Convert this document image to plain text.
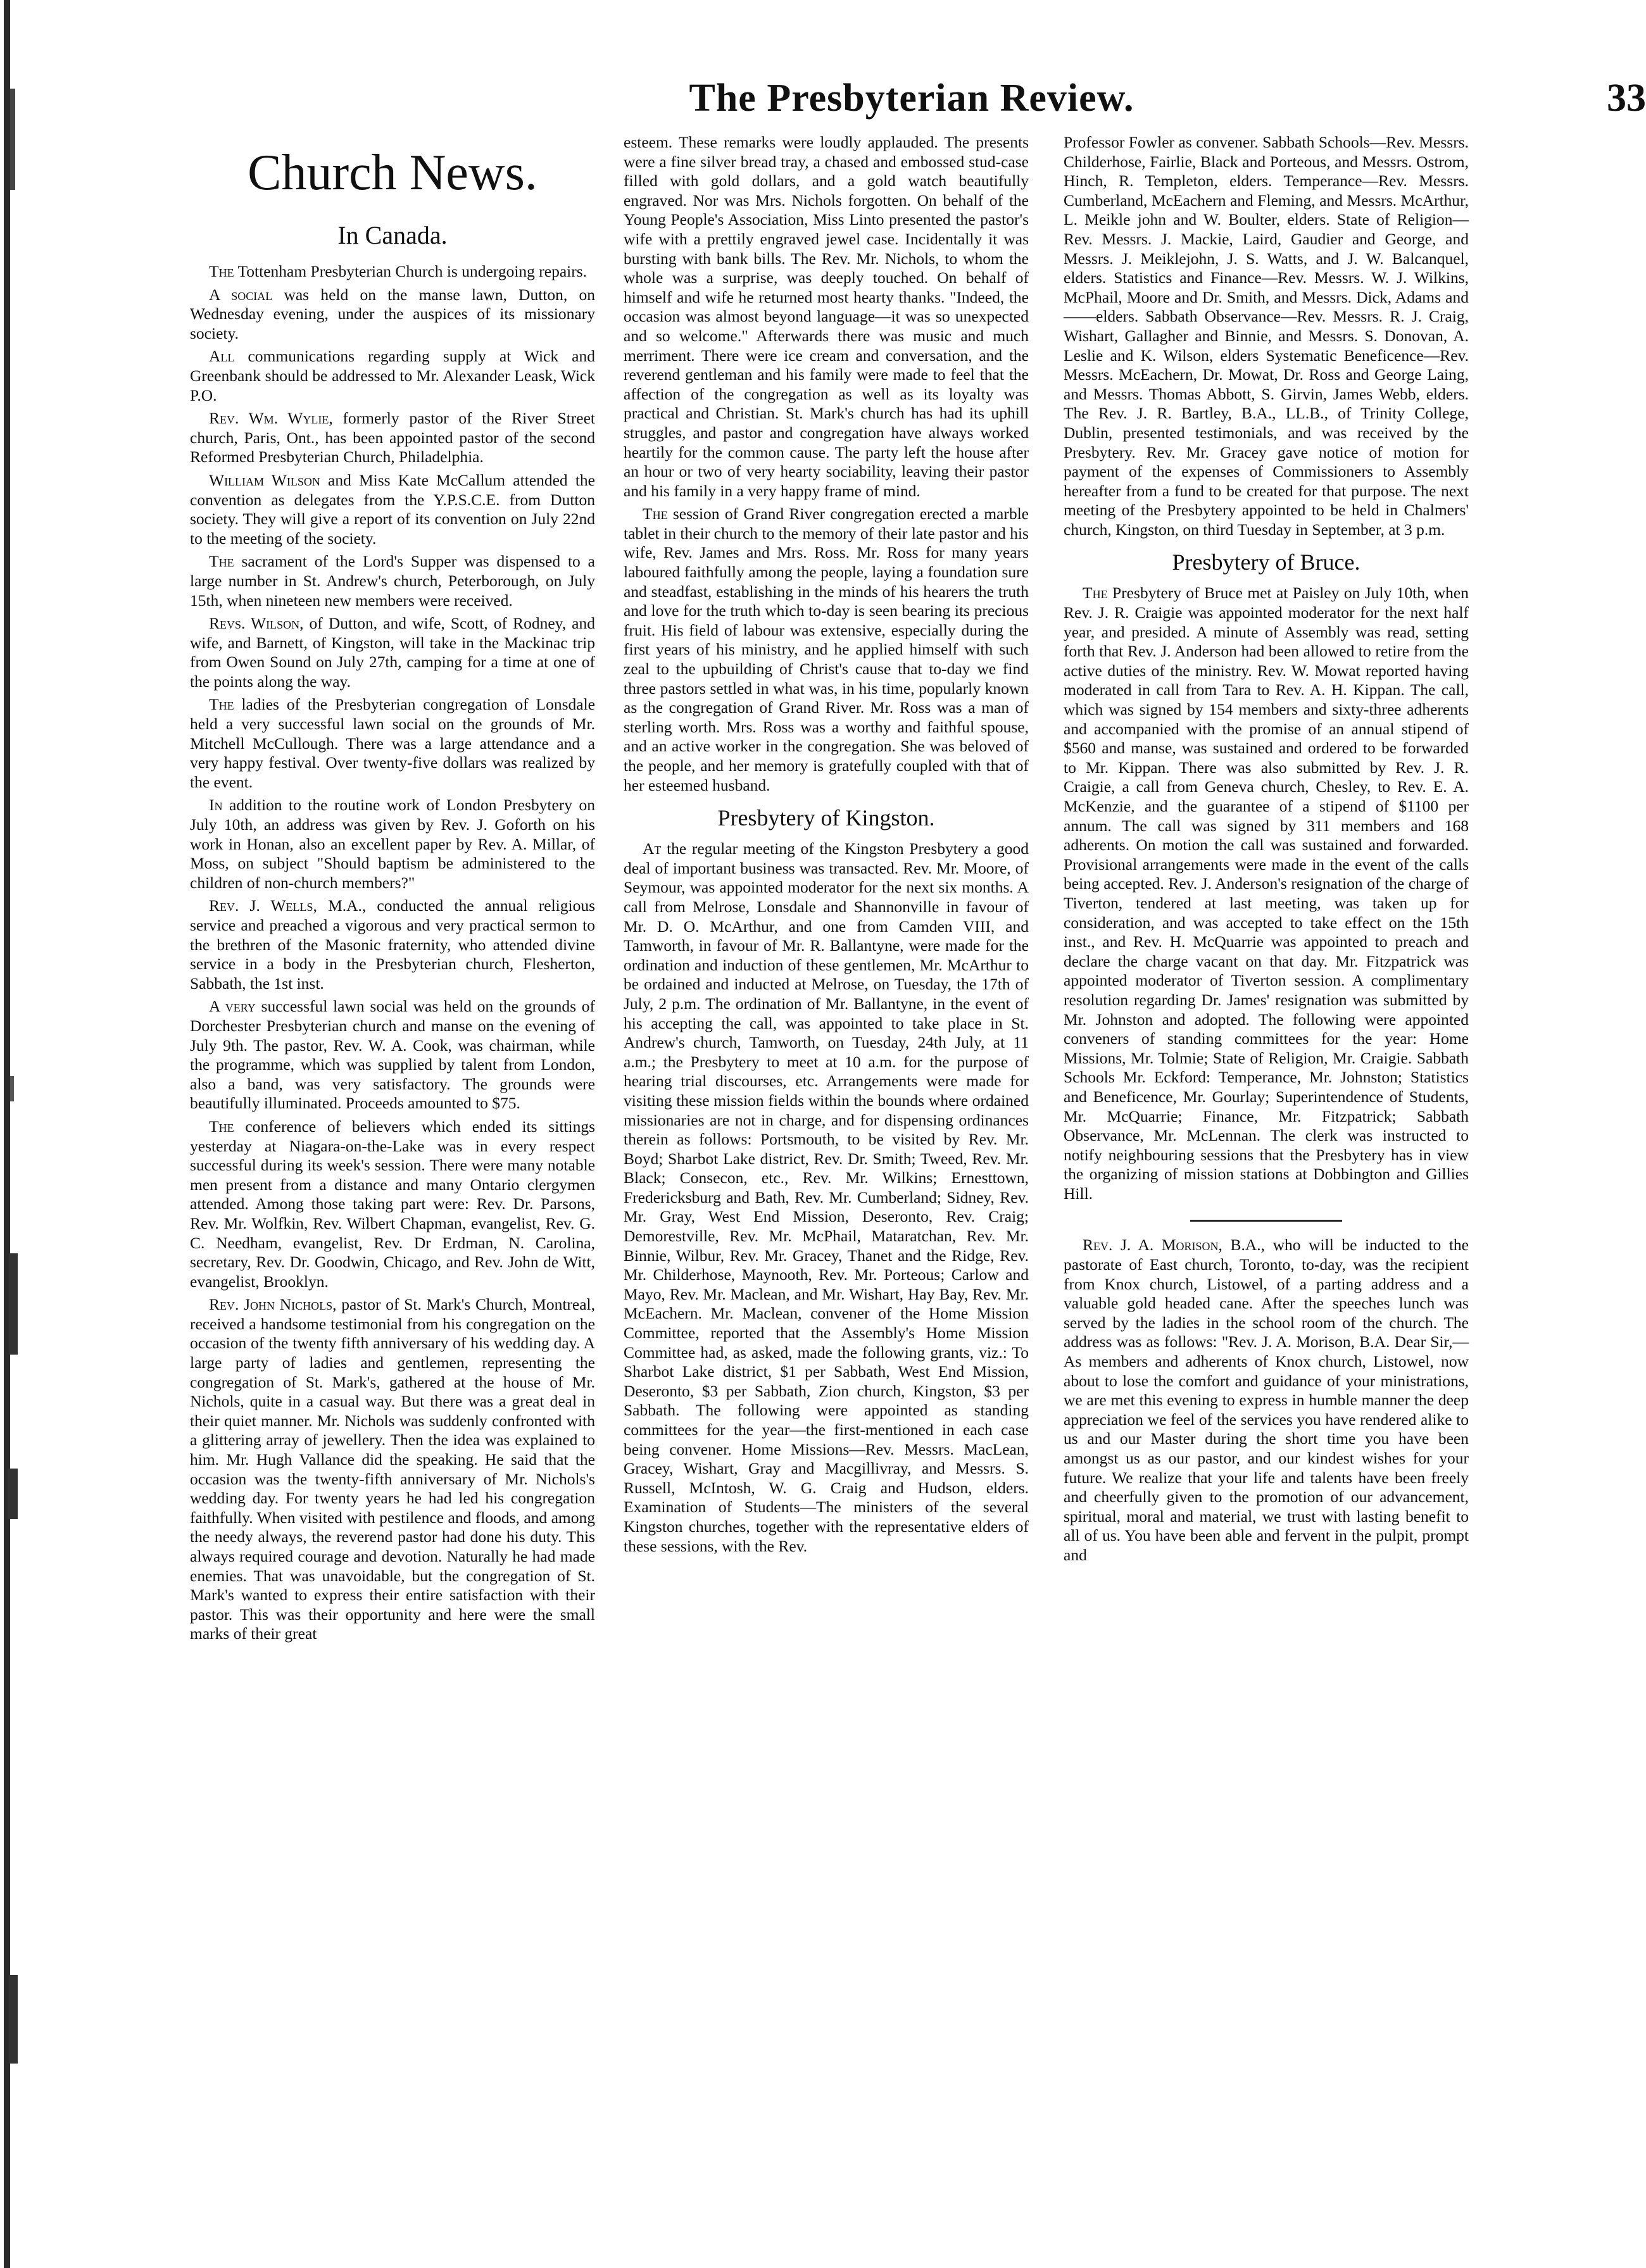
The Presbyterian Review.	33
Church News.
In Canada.

The Tottenham Presbyterian Church is undergoing repairs.

A social was held on the manse lawn, Dutton, on Wednesday evening, under the auspices of its missionary society.

All communications regarding supply at Wick and Greenbank should be addressed to Mr. Alexander Leask, Wick P.O.

Rev. Wm. Wylie, formerly pastor of the River Street church, Paris, Ont., has been appointed pastor of the second Reformed Presbyterian Church, Philadelphia.

William Wilson and Miss Kate McCallum attended the convention as delegates from the Y.P.S.C.E. from Dutton society. They will give a report of its convention on July 22nd to the meeting of the society.

The sacrament of the Lord's Supper was dispensed to a large number in St. Andrew's church, Peterborough, on July 15th, when nineteen new members were received.

Revs. Wilson, of Dutton, and wife, Scott, of Rodney, and wife, and Barnett, of Kingston, will take in the Mackinac trip from Owen Sound on July 27th, camping for a time at one of the points along the way.

The ladies of the Presbyterian congregation of Lonsdale held a very successful lawn social on the grounds of Mr. Mitchell McCullough. There was a large attendance and a very happy festival. Over twenty-five dollars was realized by the event.

In addition to the routine work of London Presbytery on July 10th, an address was given by Rev. J. Goforth on his work in Honan, also an excellent paper by Rev. A. Millar, of Moss, on subject "Should baptism be administered to the children of non-church members?"

Rev. J. Wells, M.A., conducted the annual religious service and preached a vigorous and very practical sermon to the brethren of the Masonic fraternity, who attended divine service in a body in the Presbyterian church, Flesherton, Sabbath, the 1st inst.

A very successful lawn social was held on the grounds of Dorchester Presbyterian church and manse on the evening of July 9th. The pastor, Rev. W. A. Cook, was chairman, while the programme, which was supplied by talent from London, also a band, was very satisfactory. The grounds were beautifully illuminated. Proceeds amounted to $75.

The conference of believers which ended its sittings yesterday at Niagara-on-the-Lake was in every respect successful during its week's session. There were many notable men present from a distance and many Ontario clergymen attended. Among those taking part were: Rev. Dr. Parsons, Rev. Mr. Wolfkin, Rev. Wilbert Chapman, evangelist, Rev. G. C. Needham, evangelist, Rev. Dr Erdman, N. Carolina, secretary, Rev. Dr. Goodwin, Chicago, and Rev. John de Witt, evangelist, Brooklyn.

Rev. John Nichols, pastor of St. Mark's Church, Montreal, received a handsome testimonial from his congregation on the occasion of the twenty fifth anniversary of his wedding day. A large party of ladies and gentlemen, representing the congregation of St. Mark's, gathered at the house of Mr. Nichols, quite in a casual way. But there was a great deal in their quiet manner. Mr. Nichols was suddenly confronted with a glittering array of jewellery. Then the idea was explained to him. Mr. Hugh Vallance did the speaking. He said that the occasion was the twenty-fifth anniversary of Mr. Nichols's wedding day. For twenty years he had led his congregation faithfully. When visited with pestilence and floods, and among the needy always, the reverend pastor had done his duty. This always required courage and devotion. Naturally he had made enemies. That was unavoidable, but the congregation of St. Mark's wanted to express their entire satisfaction with their pastor. This was their opportunity and here were the small marks of their great

esteem. These remarks were loudly applauded. The presents were a fine silver bread tray, a chased and embossed stud-case filled with gold dollars, and a gold watch beautifully engraved. Nor was Mrs. Nichols forgotten. On behalf of the Young People's Association, Miss Linto presented the pastor's wife with a prettily engraved jewel case. Incidentally it was bursting with bank bills. The Rev. Mr. Nichols, to whom the whole was a surprise, was deeply touched. On behalf of himself and wife he returned most hearty thanks. "Indeed, the occasion was almost beyond language—it was so unexpected and so welcome." Afterwards there was music and much merriment. There were ice cream and conversation, and the reverend gentleman and his family were made to feel that the affection of the congregation as well as its loyalty was practical and Christian. St. Mark's church has had its uphill struggles, and pastor and congregation have always worked heartily for the common cause. The party left the house after an hour or two of very hearty sociability, leaving their pastor and his family in a very happy frame of mind.

The session of Grand River congregation erected a marble tablet in their church to the memory of their late pastor and his wife, Rev. James and Mrs. Ross. Mr. Ross for many years laboured faithfully among the people, laying a foundation sure and steadfast, establishing in the minds of his hearers the truth and love for the truth which to-day is seen bearing its precious fruit. His field of labour was extensive, especially during the first years of his ministry, and he applied himself with such zeal to the upbuilding of Christ's cause that to-day we find three pastors settled in what was, in his time, popularly known as the congregation of Grand River. Mr. Ross was a man of sterling worth. Mrs. Ross was a worthy and faithful spouse, and an active worker in the congregation. She was beloved of the people, and her memory is gratefully coupled with that of her esteemed husband.

Presbytery of Kingston.

At the regular meeting of the Kingston Presbytery a good deal of important business was transacted. Rev. Mr. Moore, of Seymour, was appointed moderator for the next six months. A call from Melrose, Lonsdale and Shannonville in favour of Mr. D. O. McArthur, and one from Camden VIII, and Tamworth, in favour of Mr. R. Ballantyne, were made for the ordination and induction of these gentlemen, Mr. McArthur to be ordained and inducted at Melrose, on Tuesday, the 17th of July, 2 p.m. The ordination of Mr. Ballantyne, in the event of his accepting the call, was appointed to take place in St. Andrew's church, Tamworth, on Tuesday, 24th July, at 11 a.m.; the Presbytery to meet at 10 a.m. for the purpose of hearing trial discourses, etc. Arrangements were made for visiting these mission fields within the bounds where ordained missionaries are not in charge, and for dispensing ordinances therein as follows: Portsmouth, to be visited by Rev. Mr. Boyd; Sharbot Lake district, Rev. Dr. Smith; Tweed, Rev. Mr. Black; Consecon, etc., Rev. Mr. Wilkins; Ernesttown, Fredericksburg and Bath, Rev. Mr. Cumberland; Sidney, Rev. Mr. Gray, West End Mission, Deseronto, Rev. Craig; Demorestville, Rev. Mr. McPhail, Mataratchan, Rev. Mr. Binnie, Wilbur, Rev. Mr. Gracey, Thanet and the Ridge, Rev. Mr. Childerhose, Maynooth, Rev. Mr. Porteous; Carlow and Mayo, Rev. Mr. Maclean, and Mr. Wishart, Hay Bay, Rev. Mr. McEachern. Mr. Maclean, convener of the Home Mission Committee, reported that the Assembly's Home Mission Committee had, as asked, made the following grants, viz.: To Sharbot Lake district, $1 per Sabbath, West End Mission, Deseronto, $3 per Sabbath, Zion church, Kingston, $3 per Sabbath. The following were appointed as standing committees for the year—the first-mentioned in each case being convener. Home Missions—Rev. Messrs. MacLean, Gracey, Wishart, Gray and Macgillivray, and Messrs. S. Russell, McIntosh, W. G. Craig and Hudson, elders. Examination of Students—The ministers of the several Kingston churches, together with the representative elders of these sessions, with the Rev.

Professor Fowler as convener. Sabbath Schools—Rev. Messrs. Childerhose, Fairlie, Black and Porteous, and Messrs. Ostrom, Hinch, R. Templeton, elders. Temperance—Rev. Messrs. Cumberland, McEachern and Fleming, and Messrs. McArthur, L. Meikle john and W. Boulter, elders. State of Religion—Rev. Messrs. J. Mackie, Laird, Gaudier and George, and Messrs. J. Meiklejohn, J. S. Watts, and J. W. Balcanquel, elders. Statistics and Finance—Rev. Messrs. W. J. Wilkins, McPhail, Moore and Dr. Smith, and Messrs. Dick, Adams and——elders. Sabbath Observance—Rev. Messrs. R. J. Craig, Wishart, Gallagher and Binnie, and Messrs. S. Donovan, A. Leslie and K. Wilson, elders Systematic Beneficence—Rev. Messrs. McEachern, Dr. Mowat, Dr. Ross and George Laing, and Messrs. Thomas Abbott, S. Girvin, James Webb, elders. The Rev. J. R. Bartley, B.A., LL.B., of Trinity College, Dublin, presented testimonials, and was received by the Presbytery. Rev. Mr. Gracey gave notice of motion for payment of the expenses of Commissioners to Assembly hereafter from a fund to be created for that purpose. The next meeting of the Presbytery appointed to be held in Chalmers' church, Kingston, on third Tuesday in September, at 3 p.m.

Presbytery of Bruce.

The Presbytery of Bruce met at Paisley on July 10th, when Rev. J. R. Craigie was appointed moderator for the next half year, and presided. A minute of Assembly was read, setting forth that Rev. J. Anderson had been allowed to retire from the active duties of the ministry. Rev. W. Mowat reported having moderated in call from Tara to Rev. A. H. Kippan. The call, which was signed by 154 members and sixty-three adherents and accompanied with the promise of an annual stipend of $560 and manse, was sustained and ordered to be forwarded to Mr. Kippan. There was also submitted by Rev. J. R. Craigie, a call from Geneva church, Chesley, to Rev. E. A. McKenzie, and the guarantee of a stipend of $1100 per annum. The call was signed by 311 members and 168 adherents. On motion the call was sustained and forwarded. Provisional arrangements were made in the event of the calls being accepted. Rev. J. Anderson's resignation of the charge of Tiverton, tendered at last meeting, was taken up for consideration, and was accepted to take effect on the 15th inst., and Rev. H. McQuarrie was appointed to preach and declare the charge vacant on that day. Mr. Fitzpatrick was appointed moderator of Tiverton session. A complimentary resolution regarding Dr. James' resignation was submitted by Mr. Johnston and adopted. The following were appointed conveners of standing committees for the year: Home Missions, Mr. Tolmie; State of Religion, Mr. Craigie. Sabbath Schools Mr. Eckford: Temperance, Mr. Johnston; Statistics and Beneficence, Mr. Gourlay; Superintendence of Students, Mr. McQuarrie; Finance, Mr. Fitzpatrick; Sabbath Observance, Mr. McLennan. The clerk was instructed to notify neighbouring sessions that the Presbytery has in view the organizing of mission stations at Dobbington and Gillies Hill.

Rev. J. A. Morison, B.A., who will be inducted to the pastorate of East church, Toronto, to-day, was the recipient from Knox church, Listowel, of a parting address and a valuable gold headed cane. After the speeches lunch was served by the ladies in the school room of the church. The address was as follows: "Rev. J. A. Morison, B.A. Dear Sir,—As members and adherents of Knox church, Listowel, now about to lose the comfort and guidance of your ministrations, we are met this evening to express in humble manner the deep appreciation we feel of the services you have rendered alike to us and our Master during the short time you have been amongst us as our pastor, and our kindest wishes for your future. We realize that your life and talents have been freely and cheerfully given to the promotion of our advancement, spiritual, moral and material, we trust with lasting benefit to all of us. You have been able and fervent in the pulpit, prompt and
